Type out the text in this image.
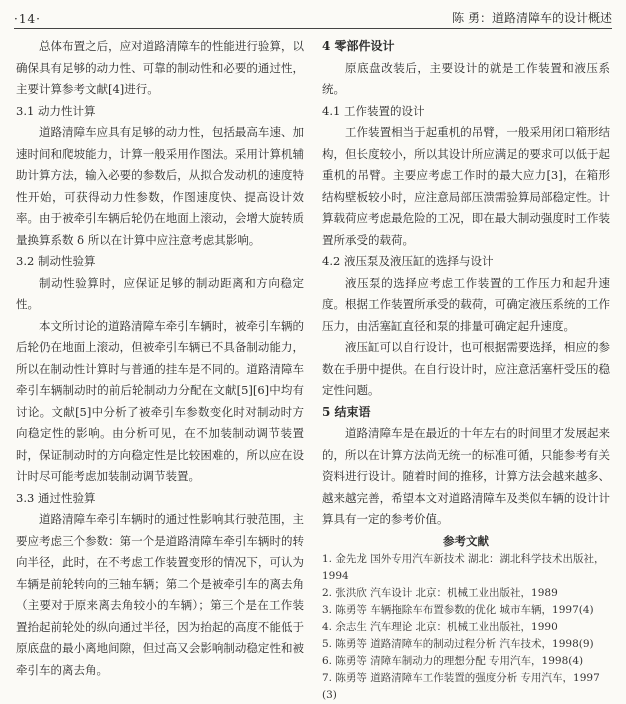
·14·	陈 勇：道路清障车的设计概述

总体布置之后，应对道路清障车的性能进行验算，以确保具有足够的动力性、可靠的制动性和必要的通过性，主要计算参考文献[4]进行。

3.1 动力性计算

道路清障车应具有足够的动力性，包括最高车速、加速时间和爬坡能力，计算一般采用作图法。采用计算机辅助计算方法，输入必要的参数后，从拟合发动机的速度特性开始，可获得动力性参数，作图速度快、提高设计效率。由于被牵引车辆后轮仍在地面上滚动，会增大旋转质量换算系数 δ 所以在计算中应注意考虑其影响。

3.2 制动性验算

制动性验算时，应保证足够的制动距离和方向稳定性。

本文所讨论的道路清障车牵引车辆时，被牵引车辆的后轮仍在地面上滚动，但被牵引车辆已不具备制动能力，所以在制动性计算时与普通的挂车是不同的。道路清障车牵引车辆制动时的前后轮制动力分配在文献[5][6]中均有讨论。文献[5]中分析了被牵引车参数变化时对制动时方向稳定性的影响。由分析可见，在不加装制动调节装置时，保证制动时的方向稳定性是比较困难的，所以应在设计时尽可能考虑加装制动调节装置。

3.3 通过性验算

道路清障车牵引车辆时的通过性影响其行驶范围，主要应考虑三个参数：第一个是道路清障车牵引车辆时的转向半径，此时，在不考虑工作装置变形的情况下，可认为车辆是前轮转向的三轴车辆；第二个是被牵引车的离去角（主要对于原来离去角较小的车辆）；第三个是在工作装置抬起前轮处的纵向通过半径，因为抬起的高度不能低于原底盘的最小离地间隙，但过高又会影响制动稳定性和被牵引车的离去角。

4 零部件设计

原底盘改装后，主要设计的就是工作装置和液压系统。

4.1 工作装置的设计

工作装置相当于起重机的吊臂，一般采用闭口箱形结构，但长度较小，所以其设计所应满足的要求可以低于起重机的吊臂。主要应考虑工作时的最大应力[3]，在箱形结构壁板较小时，应注意局部压溃需验算局部稳定性。计算载荷应考虑最危险的工况，即在最大制动强度时工作装置所承受的载荷。

4.2 液压泵及液压缸的选择与设计

液压泵的选择应考虑工作装置的工作压力和起升速度。根据工作装置所承受的载荷，可确定液压系统的工作压力，由活塞缸直径和泵的排量可确定起升速度。

液压缸可以自行设计，也可根据需要选择，相应的参数在手册中提供。在自行设计时，应注意活塞杆受压的稳定性问题。

5 结束语

道路清障车是在最近的十年左右的时间里才发展起来的，所以在计算方法尚无统一的标准可循，只能参考有关资料进行设计。随着时间的推移，计算方法会越来越多、越来越完善，希望本文对道路清障车及类似车辆的设计计算具有一定的参考价值。

参考文献
1. 金先龙 国外专用汽车新技术 湖北：湖北科学技术出版社，1994
2. 张洪欣 汽车设计 北京：机械工业出版社，1989
3. 陈勇等 车辆拖除车布置参数的优化 城市车辆，1997(4)
4. 余志生 汽车理论 北京：机械工业出版社，1990
5. 陈勇等 道路清障车的制动过程分析 汽车技术，1998(9)
6. 陈勇等 清障车制动力的理想分配 专用汽车，1998(4)
7. 陈勇等 道路清障车工作装置的强度分析 专用汽车，1997(3)
